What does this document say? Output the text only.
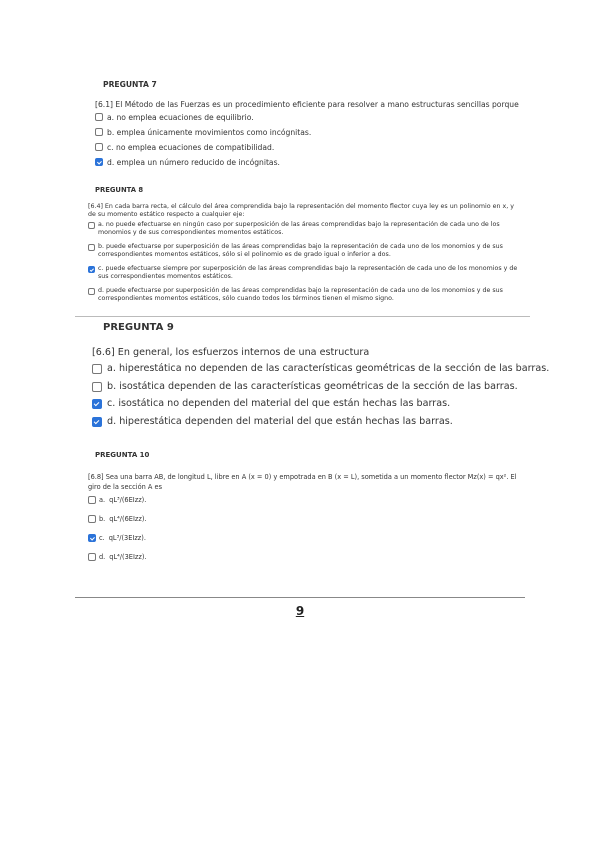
PREGUNTA 7
[6.1] El Método de las Fuerzas es un procedimiento eficiente para resolver a mano estructuras sencillas porque
a. no emplea ecuaciones de equilibrio.
b. emplea únicamente movimientos como incógnitas.
c. no emplea ecuaciones de compatibilidad.
d. emplea un número reducido de incógnitas.
PREGUNTA 8
[6.4] En cada barra recta, el cálculo del área comprendida bajo la representación del momento flector cuya ley es un polinomio en x, y de su momento estático respecto a cualquier eje:
a. no puede efectuarse en ningún caso por superposición de las áreas comprendidas bajo la representación de cada uno de los monomios y de sus correspondientes momentos estáticos.
b. puede efectuarse por superposición de las áreas comprendidas bajo la representación de cada uno de los monomios y de sus correspondientes momentos estáticos, sólo si el polinomio es de grado igual o inferior a dos.
c. puede efectuarse siempre por superposición de las áreas comprendidas bajo la representación de cada uno de los monomios y de sus correspondientes momentos estáticos.
d. puede efectuarse por superposición de las áreas comprendidas bajo la representación de cada uno de los monomios y de sus correspondientes momentos estáticos, sólo cuando todos los términos tienen el mismo signo.
PREGUNTA 9
[6.6] En general, los esfuerzos internos de una estructura
a. hiperestática no dependen de las características geométricas de la sección de las barras.
b. isostática dependen de las características geométricas de la sección de las barras.
c. isostática no dependen del material del que están hechas las barras.
d. hiperestática dependen del material del que están hechas las barras.
PREGUNTA 10
[6.8] Sea una barra AB, de longitud L, libre en A (x = 0) y empotrada en B (x = L), sometida a un momento flector Mz(x) = qx². El giro de la sección A es
a. qL³/(6EIzz).
b. qL⁴/(6EIzz).
c. qL³/(3EIzz).
d. qL⁴/(3EIzz).
9
